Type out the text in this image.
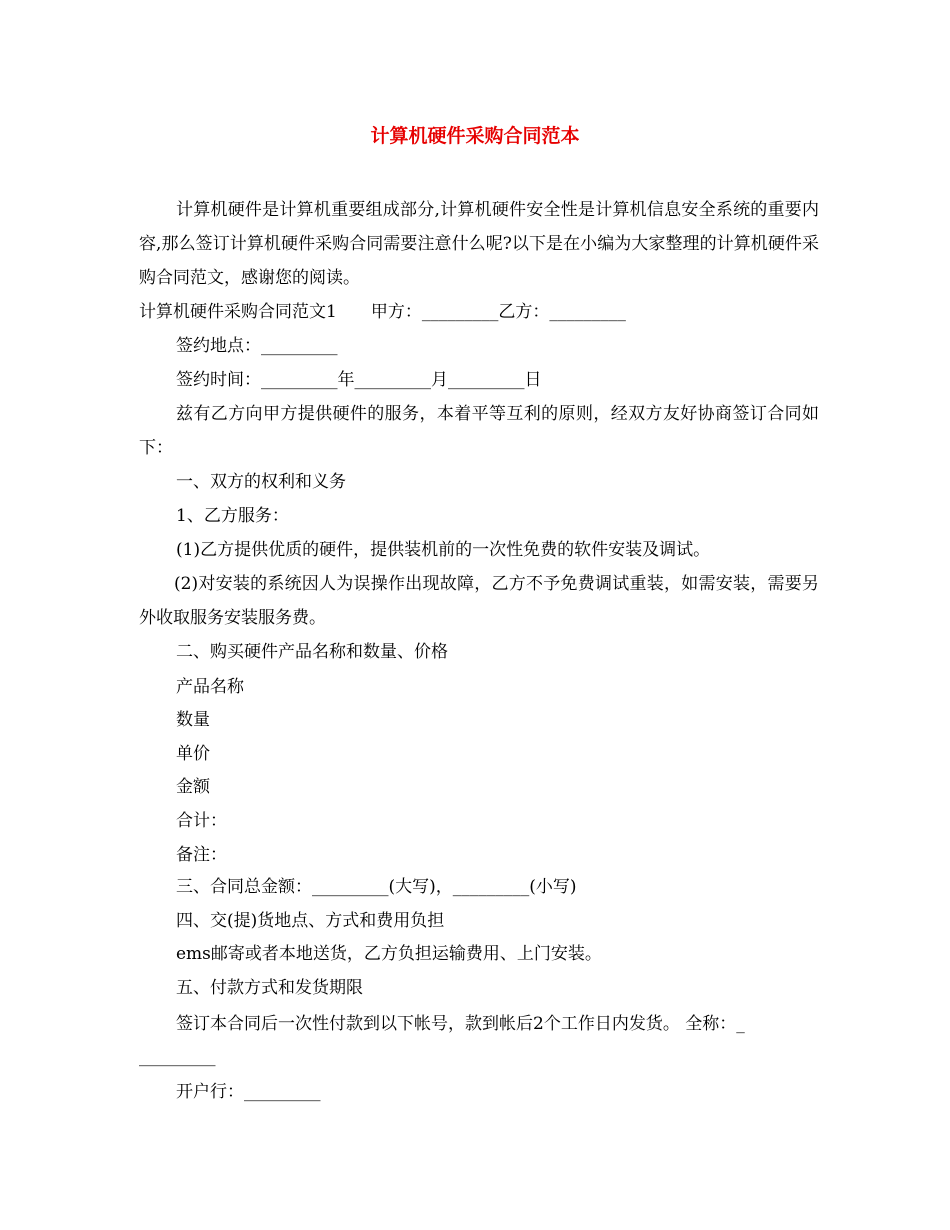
计算机硬件采购合同范本

计算机硬件是计算机重要组成部分,计算机硬件安全性是计算机信息安全系统的重要内容,那么签订计算机硬件采购合同需要注意什么呢?以下是在小编为大家整理的计算机硬件采购合同范文，感谢您的阅读。

计算机硬件采购合同范文1　　甲方：_________乙方：_________
签约地点：_________
签约时间：_________年_________月_________日

兹有乙方向甲方提供硬件的服务，本着平等互利的原则，经双方友好协商签订合同如下：

一、双方的权利和义务
1、乙方服务：
(1)乙方提供优质的硬件，提供装机前的一次性免费的软件安装及调试。

(2)对安装的系统因人为误操作出现故障，乙方不予免费调试重装，如需安装，需要另外收取服务安装服务费。

二、购买硬件产品名称和数量、价格
产品名称
数量
单价
金额
合计：
备注：
三、合同总金额：_________(大写)，_________(小写)
四、交(提)货地点、方式和费用负担
ems邮寄或者本地送货，乙方负担运输费用、上门安装。
五、付款方式和发货期限
签订本合同后一次性付款到以下帐号，款到帐后2个工作日内发货。 全称：_
_________
开户行：_________
